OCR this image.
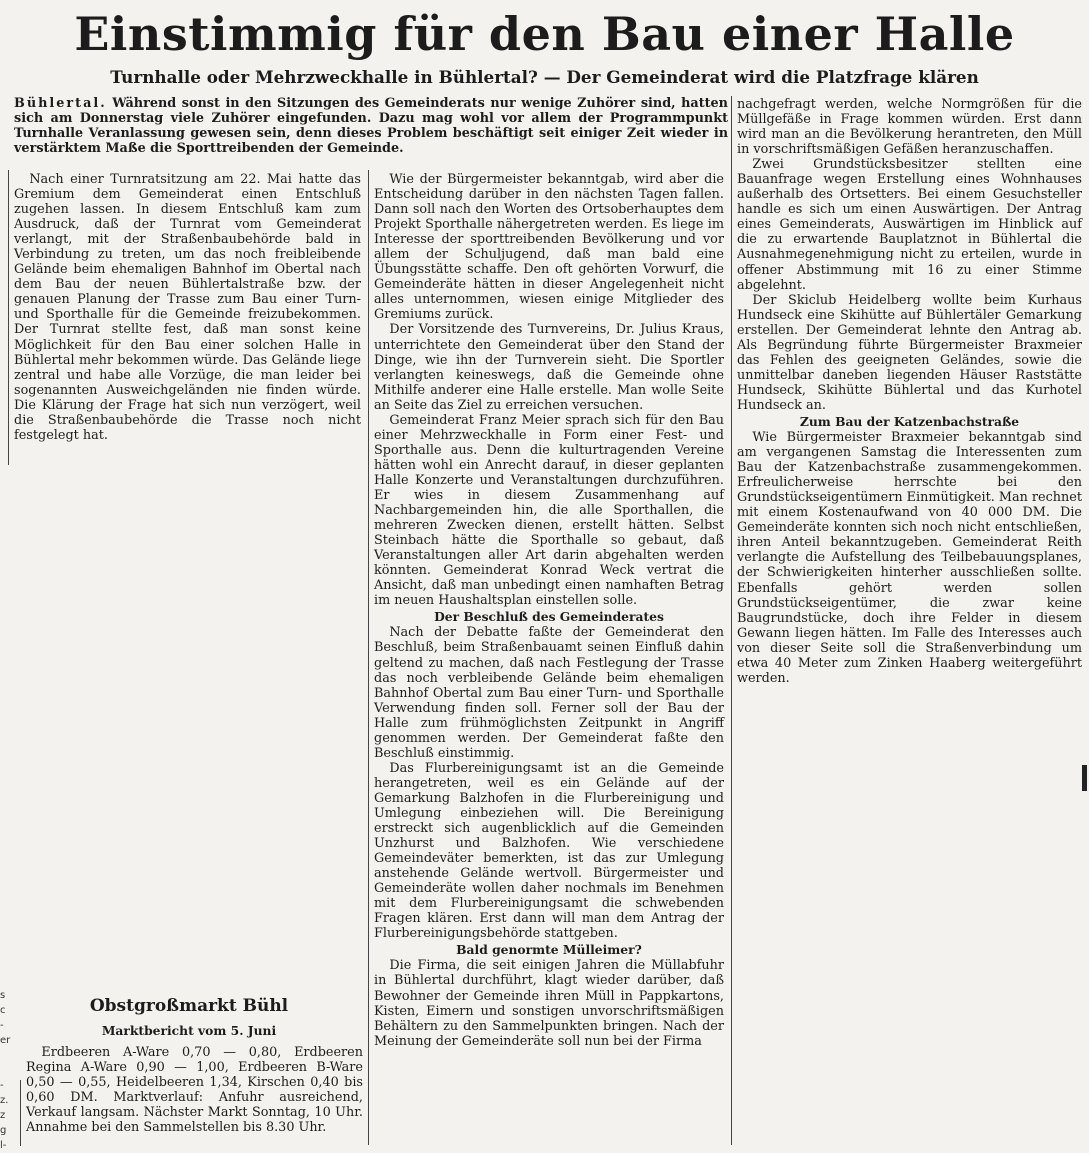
Einstimmig für den Bau einer Halle
Turnhalle oder Mehrzweckhalle in Bühlertal? — Der Gemeinderat wird die Platzfrage klären

Bühlertal. Während sonst in den Sitzungen des Gemeinderats nur wenige Zuhörer sind, hatten sich am Donnerstag viele Zuhörer eingefunden. Dazu mag wohl vor allem der Programmpunkt Turnhalle Veranlassung gewesen sein, denn dieses Problem beschäftigt seit einiger Zeit wieder in verstärktem Maße die Sporttreibenden der Gemeinde.

Nach einer Turnratsitzung am 22. Mai hatte das Gremium dem Gemeinderat einen Entschluß zugehen lassen. In diesem Entschluß kam zum Ausdruck, daß der Turnrat vom Gemeinderat verlangt, mit der Straßenbaubehörde bald in Verbindung zu treten, um das noch freibleibende Gelände beim ehemaligen Bahnhof im Obertal nach dem Bau der neuen Bühlertalstraße bzw. der genauen Planung der Trasse zum Bau einer Turn- und Sporthalle für die Gemeinde freizubekommen. Der Turnrat stellte fest, daß man sonst keine Möglichkeit für den Bau einer solchen Halle in Bühlertal mehr bekommen würde. Das Gelände liege zentral und habe alle Vorzüge, die man leider bei sogenannten Ausweichgeländen nie finden würde. Die Klärung der Frage hat sich nun verzögert, weil die Straßenbaubehörde die Trasse noch nicht festgelegt hat.

Wie der Bürgermeister bekanntgab, wird aber die Entscheidung darüber in den nächsten Tagen fallen. Dann soll nach den Worten des Ortsoberhauptes dem Projekt Sporthalle nähergetreten werden. Es liege im Interesse der sporttreibenden Bevölkerung und vor allem der Schuljugend, daß man bald eine Übungsstätte schaffe. Den oft gehörten Vorwurf, die Gemeinderäte hätten in dieser Angelegenheit nicht alles unternommen, wiesen einige Mitglieder des Gremiums zurück.

Der Vorsitzende des Turnvereins, Dr. Julius Kraus, unterrichtete den Gemeinderat über den Stand der Dinge, wie ihn der Turnverein sieht. Die Sportler verlangten keineswegs, daß die Gemeinde ohne Mithilfe anderer eine Halle erstelle. Man wolle Seite an Seite das Ziel zu erreichen versuchen.

Gemeinderat Franz Meier sprach sich für den Bau einer Mehrzweckhalle in Form einer Fest- und Sporthalle aus. Denn die kulturtragenden Vereine hätten wohl ein Anrecht darauf, in dieser geplanten Halle Konzerte und Veranstaltungen durchzuführen. Er wies in diesem Zusammenhang auf Nachbargemeinden hin, die alle Sporthallen, die mehreren Zwecken dienen, erstellt hätten. Selbst Steinbach hätte die Sporthalle so gebaut, daß Veranstaltungen aller Art darin abgehalten werden könnten. Gemeinderat Konrad Weck vertrat die Ansicht, daß man unbedingt einen namhaften Betrag im neuen Haushaltsplan einstellen solle.

Der Beschluß des Gemeinderates

Nach der Debatte faßte der Gemeinderat den Beschluß, beim Straßenbauamt seinen Einfluß dahin geltend zu machen, daß nach Festlegung der Trasse das noch verbleibende Gelände beim ehemaligen Bahnhof Obertal zum Bau einer Turn- und Sporthalle Verwendung finden soll. Ferner soll der Bau der Halle zum frühmöglichsten Zeitpunkt in Angriff genommen werden. Der Gemeinderat faßte den Beschluß einstimmig.

Das Flurbereinigungsamt ist an die Gemeinde herangetreten, weil es ein Gelände auf der Gemarkung Balzhofen in die Flurbereinigung und Umlegung einbeziehen will. Die Bereinigung erstreckt sich augenblicklich auf die Gemeinden Unzhurst und Balzhofen. Wie verschiedene Gemeindeväter bemerkten, ist das zur Umlegung anstehende Gelände wertvoll. Bürgermeister und Gemeinderäte wollen daher nochmals im Benehmen mit dem Flurbereinigungsamt die schwebenden Fragen klären. Erst dann will man dem Antrag der Flurbereinigungsbehörde stattgeben.

Bald genormte Mülleimer?

Die Firma, die seit einigen Jahren die Müllabfuhr in Bühlertal durchführt, klagt wieder darüber, daß Bewohner der Gemeinde ihren Müll in Pappkartons, Kisten, Eimern und sonstigen unvorschriftsmäßigen Behältern zu den Sammelpunkten bringen. Nach der Meinung der Gemeinderäte soll nun bei der Firma

nachgefragt werden, welche Normgrößen für die Müllgefäße in Frage kommen würden. Erst dann wird man an die Bevölkerung herantreten, den Müll in vorschriftsmäßigen Gefäßen heranzuschaffen.

Zwei Grundstücksbesitzer stellten eine Bauanfrage wegen Erstellung eines Wohnhauses außerhalb des Ortsetters. Bei einem Gesuchsteller handle es sich um einen Auswärtigen. Der Antrag eines Gemeinderats, Auswärtigen im Hinblick auf die zu erwartende Bauplatznot in Bühlertal die Ausnahmegenehmigung nicht zu erteilen, wurde in offener Abstimmung mit 16 zu einer Stimme abgelehnt.

Der Skiclub Heidelberg wollte beim Kurhaus Hundseck eine Skihütte auf Bühlertäler Gemarkung erstellen. Der Gemeinderat lehnte den Antrag ab. Als Begründung führte Bürgermeister Braxmeier das Fehlen des geeigneten Geländes, sowie die unmittelbar daneben liegenden Häuser Raststätte Hundseck, Skihütte Bühlertal und das Kurhotel Hundseck an.

Zum Bau der Katzenbachstraße

Wie Bürgermeister Braxmeier bekanntgab sind am vergangenen Samstag die Interessenten zum Bau der Katzenbachstraße zusammengekommen. Erfreulicherweise herrschte bei den Grundstückseigentümern Einmütigkeit. Man rechnet mit einem Kostenaufwand von 40 000 DM. Die Gemeinderäte konnten sich noch nicht entschließen, ihren Anteil bekanntzugeben. Gemeinderat Reith verlangte die Aufstellung des Teilbebauungsplanes, der Schwierigkeiten hinterher ausschließen sollte. Ebenfalls gehört werden sollen Grundstückseigentümer, die zwar keine Baugrundstücke, doch ihre Felder in diesem Gewann liegen hätten. Im Falle des Interesses auch von dieser Seite soll die Straßenverbindung um etwa 40 Meter zum Zinken Haaberg weitergeführt werden.

Obstgroßmarkt Bühl

Marktbericht vom 5. Juni

Erdbeeren A-Ware 0,70 — 0,80, Erdbeeren Regina A-Ware 0,90 — 1,00, Erdbeeren B-Ware 0,50 — 0,55, Heidelbeeren 1,34, Kirschen 0,40 bis 0,60 DM. Marktverlauf: Anfuhr ausreichend, Verkauf langsam. Nächster Markt Sonntag, 10 Uhr. Annahme bei den Sammelstellen bis 8.30 Uhr.

s
c
-
er
-
z.
z
g
l-
